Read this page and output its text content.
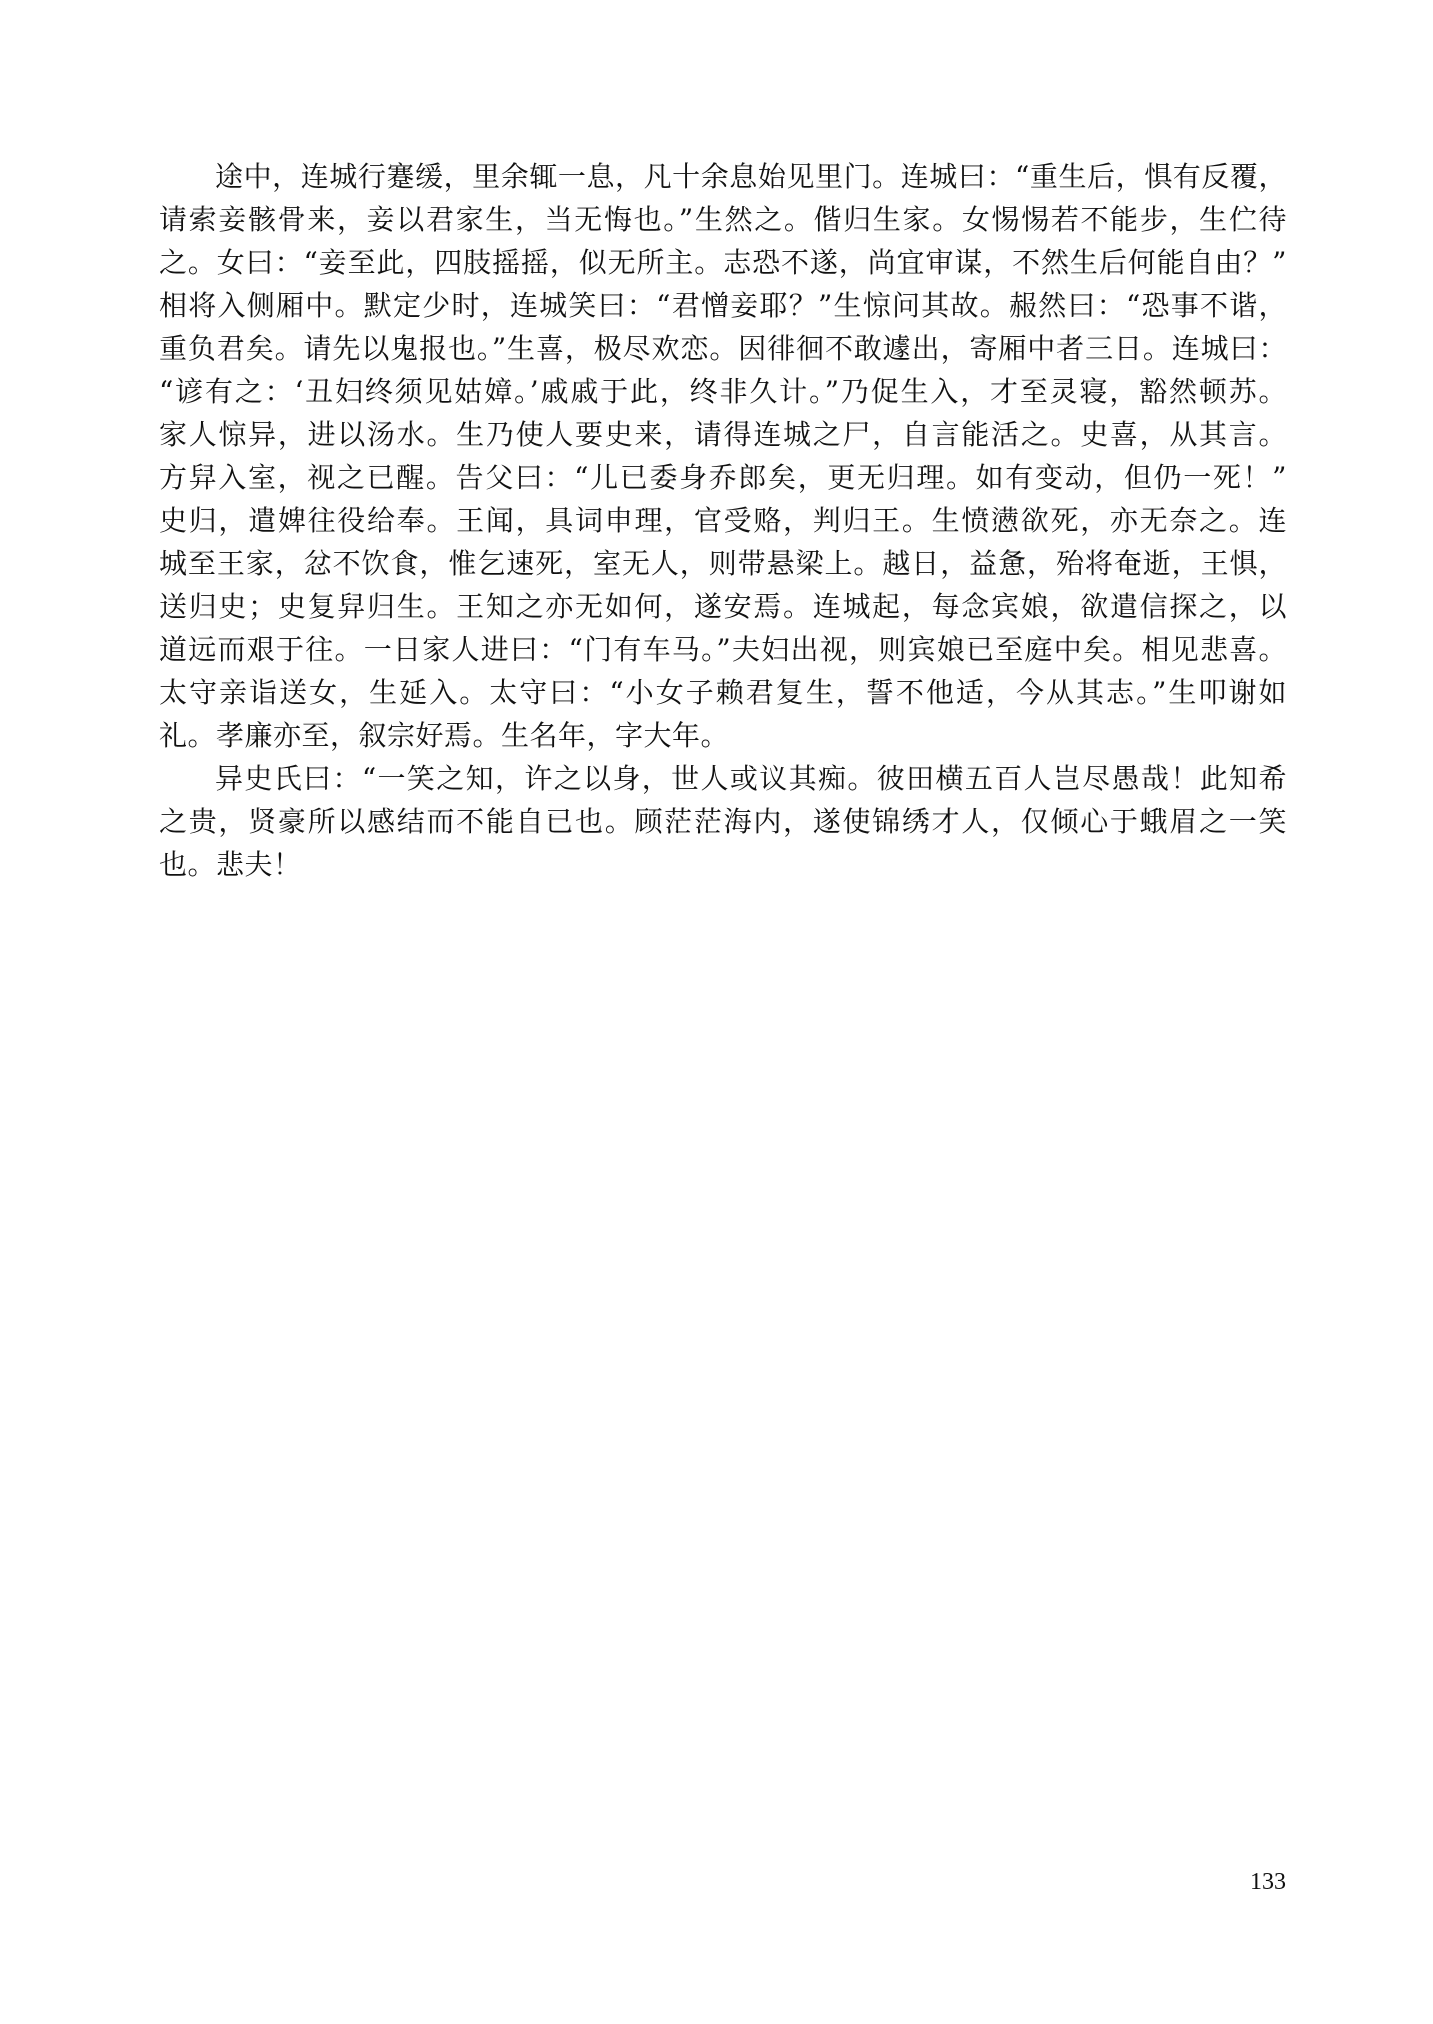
途中，连城行蹇缓，里余辄一息，凡十余息始见里门。连城曰：“重生后，惧有反覆，
请索妾骸骨来，妾以君家生，当无悔也。”生然之。偕归生家。女惕惕若不能步，生伫待
之。女曰：“妾至此，四肢摇摇，似无所主。志恐不遂，尚宜审谋，不然生后何能自由？”
相将入侧厢中。默定少时，连城笑曰：“君憎妾耶？”生惊问其故。赧然曰：“恐事不谐，
重负君矣。请先以鬼报也。”生喜，极尽欢恋。因徘徊不敢遽出，寄厢中者三日。连城曰：
“谚有之：‘丑妇终须见姑嫜。’戚戚于此，终非久计。”乃促生入，才至灵寝，豁然顿苏。
家人惊异，进以汤水。生乃使人要史来，请得连城之尸，自言能活之。史喜，从其言。
方舁入室，视之已醒。告父曰：“儿已委身乔郎矣，更无归理。如有变动，但仍一死！”
史归，遣婢往役给奉。王闻，具词申理，官受赂，判归王。生愤懑欲死，亦无奈之。连
城至王家，忿不饮食，惟乞速死，室无人，则带悬梁上。越日，益惫，殆将奄逝，王惧，
送归史；史复舁归生。王知之亦无如何，遂安焉。连城起，每念宾娘，欲遣信探之，以
道远而艰于往。一日家人进曰：“门有车马。”夫妇出视，则宾娘已至庭中矣。相见悲喜。
太守亲诣送女，生延入。太守曰：“小女子赖君复生，誓不他适，今从其志。”生叩谢如
礼。孝廉亦至，叙宗好焉。生名年，字大年。

异史氏曰：“一笑之知，许之以身，世人或议其痴。彼田横五百人岂尽愚哉！此知希
之贵，贤豪所以感结而不能自已也。顾茫茫海内，遂使锦绣才人，仅倾心于蛾眉之一笑
也。悲夫！

133
